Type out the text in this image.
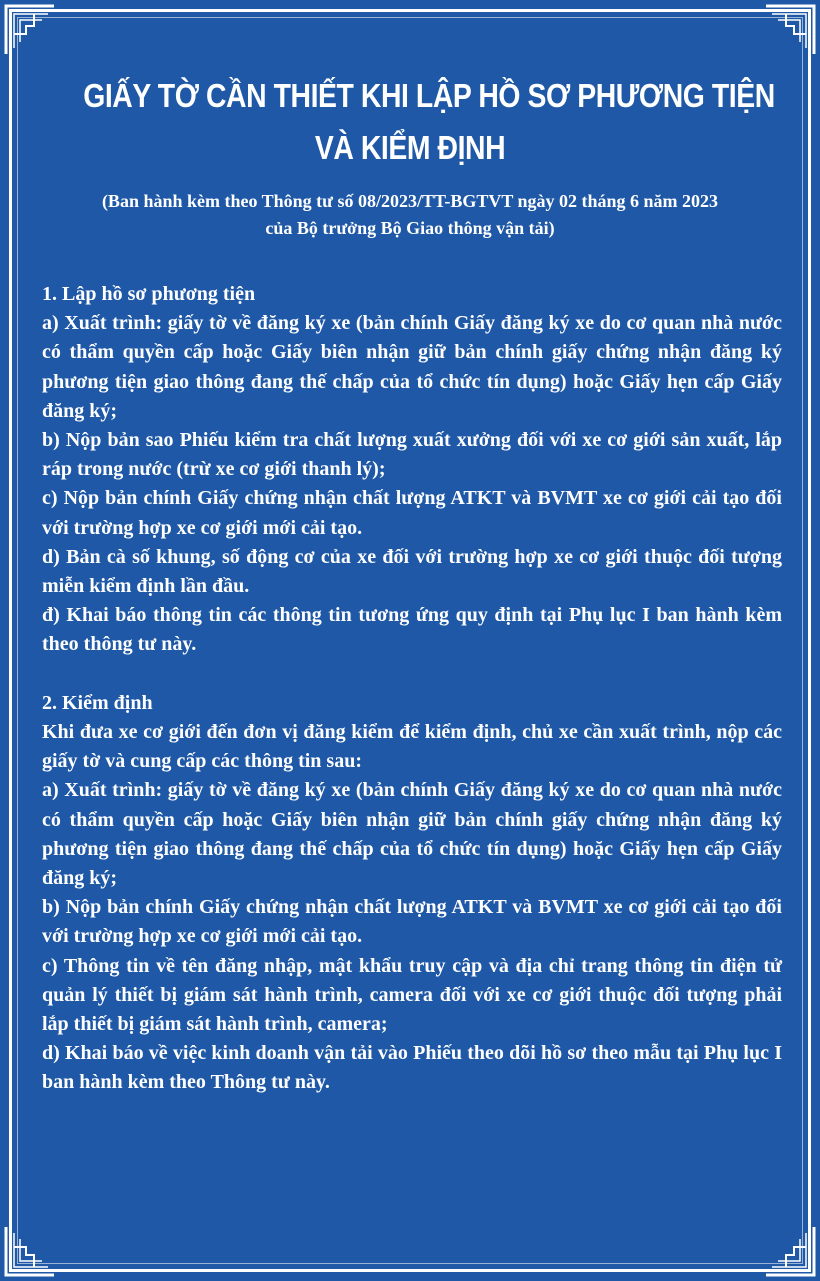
GIẤY TỜ CẦN THIẾT KHI LẬP HỒ SƠ PHƯƠNG TIỆN
VÀ KIỂM ĐỊNH
(Ban hành kèm theo Thông tư số 08/2023/TT-BGTVT ngày 02 tháng 6 năm 2023
của Bộ trưởng Bộ Giao thông vận tải)

1. Lập hồ sơ phương tiện

a) Xuất trình: giấy tờ về đăng ký xe (bản chính Giấy đăng ký xe do cơ quan nhà nước có thẩm quyền cấp hoặc Giấy biên nhận giữ bản chính giấy chứng nhận đăng ký phương tiện giao thông đang thế chấp của tổ chức tín dụng) hoặc Giấy hẹn cấp Giấy đăng ký;

b) Nộp bản sao Phiếu kiểm tra chất lượng xuất xưởng đối với xe cơ giới sản xuất, lắp ráp trong nước (trừ xe cơ giới thanh lý);

c) Nộp bản chính Giấy chứng nhận chất lượng ATKT và BVMT xe cơ giới cải tạo đối với trường hợp xe cơ giới mới cải tạo.

d) Bản cà số khung, số động cơ của xe đối với trường hợp xe cơ giới thuộc đối tượng miễn kiểm định lần đầu.

đ) Khai báo thông tin các thông tin tương ứng quy định tại Phụ lục I ban hành kèm theo thông tư này.

2. Kiểm định

Khi đưa xe cơ giới đến đơn vị đăng kiểm để kiểm định, chủ xe cần xuất trình, nộp các giấy tờ và cung cấp các thông tin sau:

a) Xuất trình: giấy tờ về đăng ký xe (bản chính Giấy đăng ký xe do cơ quan nhà nước có thẩm quyền cấp hoặc Giấy biên nhận giữ bản chính giấy chứng nhận đăng ký phương tiện giao thông đang thế chấp của tổ chức tín dụng) hoặc Giấy hẹn cấp Giấy đăng ký;

b) Nộp bản chính Giấy chứng nhận chất lượng ATKT và BVMT xe cơ giới cải tạo đối với trường hợp xe cơ giới mới cải tạo.

c) Thông tin về tên đăng nhập, mật khẩu truy cập và địa chỉ trang thông tin điện tử quản lý thiết bị giám sát hành trình, camera đối với xe cơ giới thuộc đối tượng phải lắp thiết bị giám sát hành trình, camera;

d) Khai báo về việc kinh doanh vận tải vào Phiếu theo dõi hồ sơ theo mẫu tại Phụ lục I ban hành kèm theo Thông tư này.
